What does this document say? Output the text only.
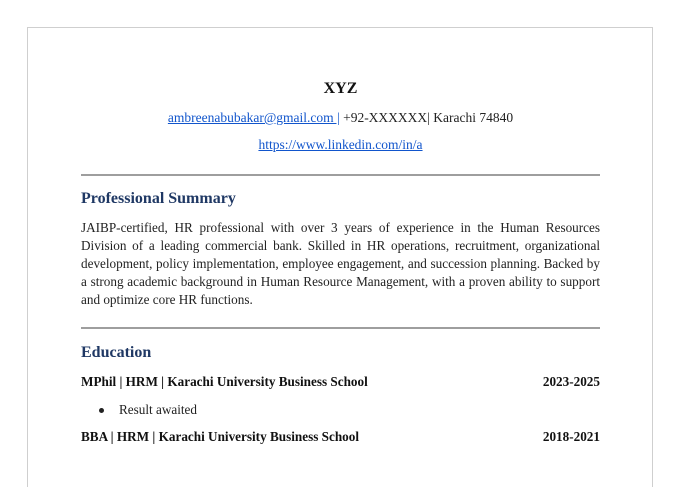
XYZ
ambreenabubakar@gmail.com | +92-XXXXXX| Karachi 74840
https://www.linkedin.com/in/a
Professional Summary
JAIBP-certified, HR professional with over 3 years of experience in the Human Resources Division of a leading commercial bank. Skilled in HR operations, recruitment, organizational development, policy implementation, employee engagement, and succession planning. Backed by a strong academic background in Human Resource Management, with a proven ability to support and optimize core HR functions.
Education
MPhil | HRM | Karachi University Business School	2023-2025
Result awaited
BBA | HRM | Karachi University Business School	2018-2021
